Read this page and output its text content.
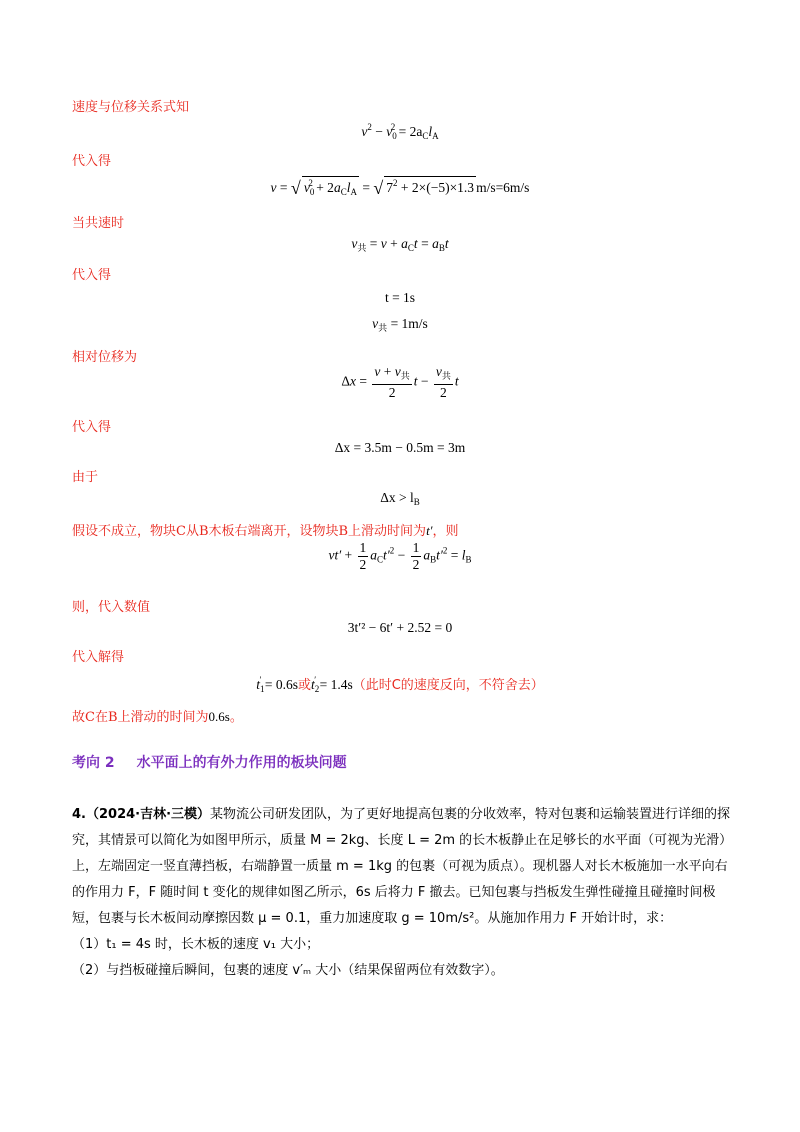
速度与位移关系式知
$v^2 - v_0^2 = 2a_Cl_A$
代入得
v = √ $v_0^2 + 2a_Cl_A$ = √ $7^2 + 2\times(-5)\times 1.3$ m/s=6m/s
当共速时
$v_共 = v + a_Ct = a_Bt$
代入得
t = 1s
$v_共 = 1m/s$
相对位移为
$\Delta x = \frac{v + v_共}{2}$ $t - \frac{v_共}{2}$ t
代入得
Δx = 3.5m − 0.5m = 3m
由于
$\Delta x > l_B$
假设不成立，物块C从B木板右端离开，设物块B上滑动时间为t′，则
$vt' + \frac{1}{2} a_Ct'^2 - \frac{1}{2} a_Bt'^2 = l_B$
则，代入数值
3t′² − 6t′ + 2.52 = 0
代入解得
$t_1' = 0.6s$或$t_2' = 1.4s$（此时C的速度反向，不符舍去）
故C在B上滑动的时间为0.6s。
考向 2 水平面上的有外力作用的板块问题

4.（2024·吉林·三模）某物流公司研发团队，为了更好地提高包裹的分收效率，特对包裹和运输装置进行详细的探究，其情景可以简化为如图甲所示，质量 M = 2kg、长度 L = 2m 的长木板静止在足够长的水平面（可视为光滑）上，左端固定一竖直薄挡板，右端静置一质量 m = 1kg 的包裹（可视为质点）。现机器人对长木板施加一水平向右的作用力 F，F 随时间 t 变化的规律如图乙所示，6s 后将力 F 撤去。已知包裹与挡板发生弹性碰撞且碰撞时间极短，包裹与长木板间动摩擦因数 μ = 0.1，重力加速度取 g = 10m/s²。从施加作用力 F 开始计时，求：

（1）t₁ = 4s 时，长木板的速度 v₁ 大小；

（2）与挡板碰撞后瞬间，包裹的速度 v′ₘ 大小（结果保留两位有效数字）。
